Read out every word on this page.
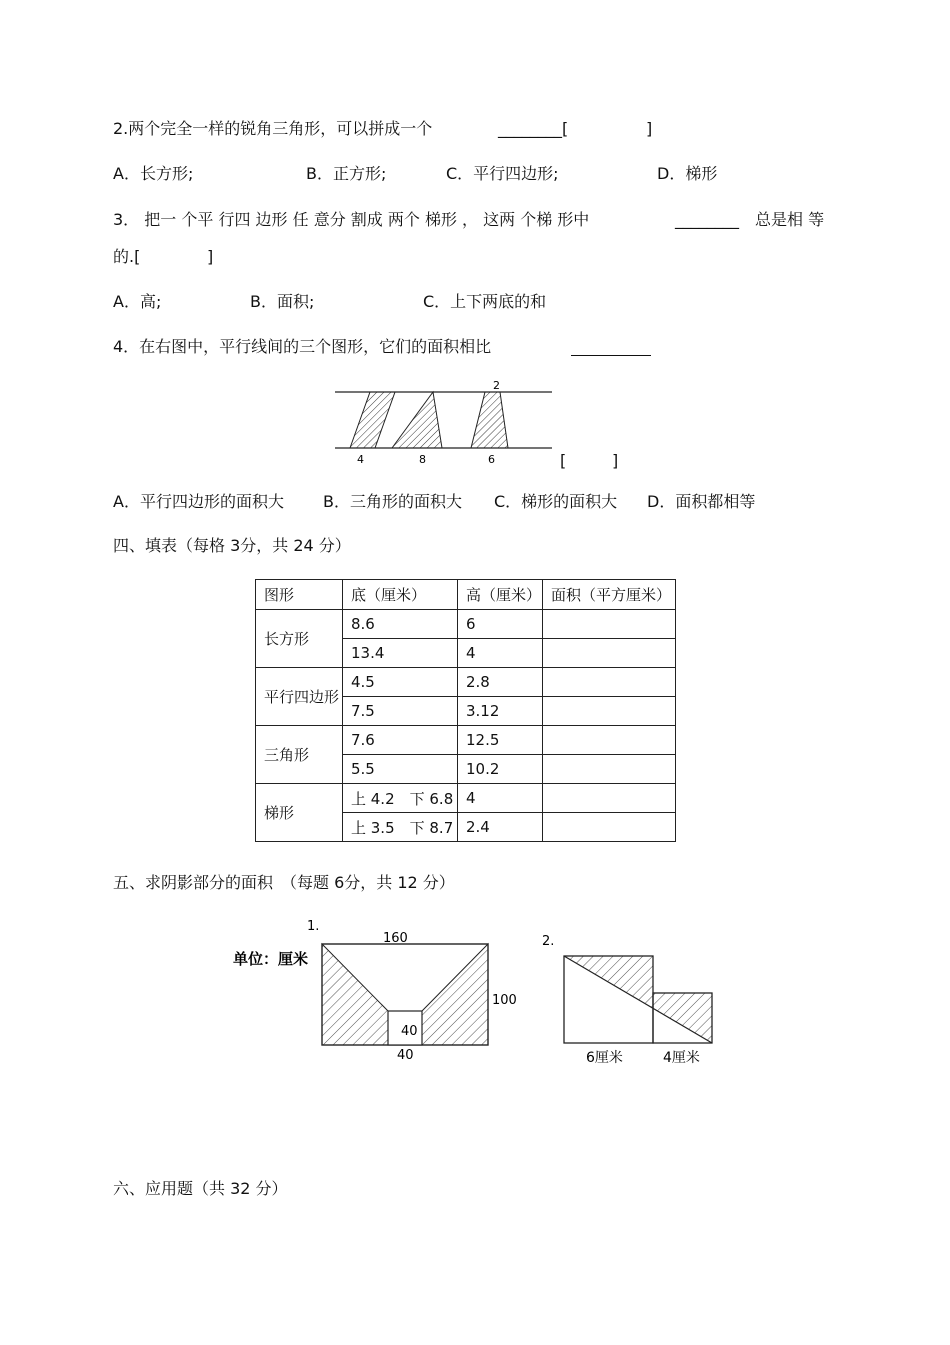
2.两个完全一样的锐角三角形，可以拼成一个	________[	]
A．长方形;	B．正方形;	C．平行四边形;	D．梯形
3． 把一 个平 行四 边形 任 意分 割成 两个 梯形 ， 这两 个梯 形中	________ 总是相 等
的.[	]
A．高;	B．面积;	C．上下两底的和
4．在右图中，平行线间的三个图形，它们的面积相比
2
4	8	6	[	]
A．平行四边形的面积大 B．三角形的面积大 C．梯形的面积大 D．面积都相等
四、填表（每格 3分，共 24 分）
图形	底（厘米）	高（厘米）	面积（平方厘米）
长方形	8.6	6	
	13.4	4	
平行四边形	4.5	2.8	
	7.5	3.12	
三角形	7.6	12.5	
	5.5	10.2	
梯形	上 4.2　下 6.8	4	
	上 3.5　下 8.7	2.4	
五、求阴影部分的面积　（每题 6分，共 12 分）
1.
单位：厘米
160
100
40
40
2.
6厘米	4厘米
六、应用题（共 32 分）
